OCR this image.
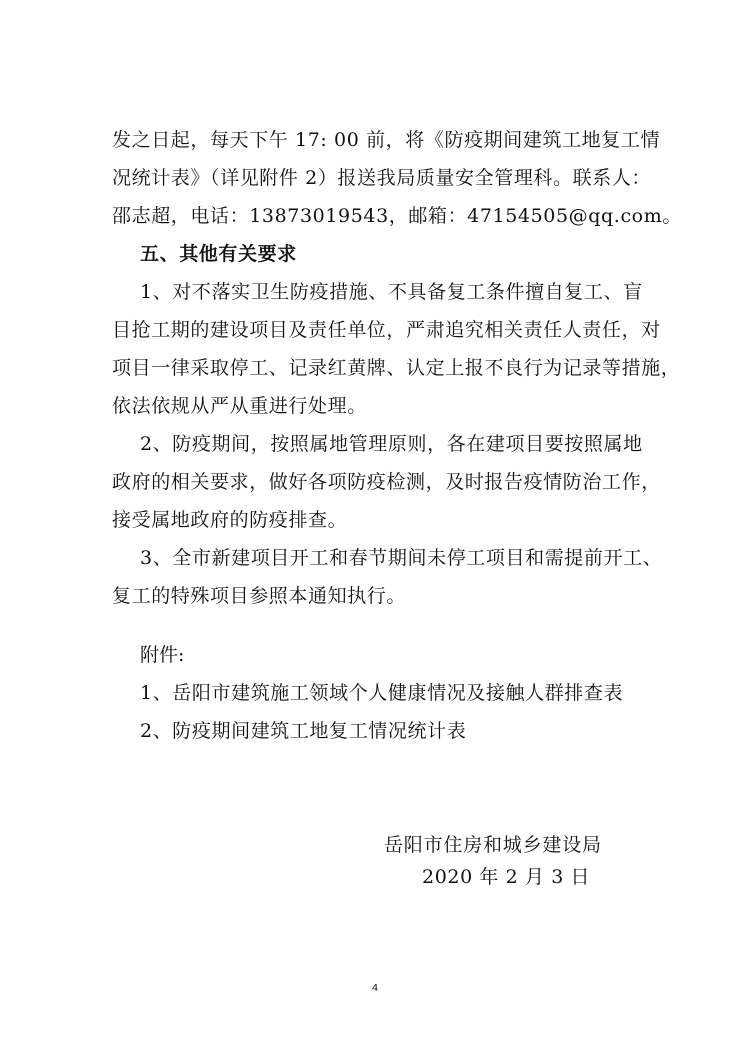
发之日起，每天下午 17: 00 前，将《防疫期间建筑工地复工情
况统计表》（详见附件 2）报送我局质量安全管理科。联系人：
邵志超，电话：13873019543，邮箱：47154505@qq.com。
五、其他有关要求
1、对不落实卫生防疫措施、不具备复工条件擅自复工、盲
目抢工期的建设项目及责任单位，严肃追究相关责任人责任，对
项目一律采取停工、记录红黄牌、认定上报不良行为记录等措施，
依法依规从严从重进行处理。
2、防疫期间，按照属地管理原则，各在建项目要按照属地
政府的相关要求，做好各项防疫检测，及时报告疫情防治工作，
接受属地政府的防疫排查。
3、全市新建项目开工和春节期间未停工项目和需提前开工、
复工的特殊项目参照本通知执行。
附件:
1、岳阳市建筑施工领域个人健康情况及接触人群排查表
2、防疫期间建筑工地复工情况统计表
岳阳市住房和城乡建设局
2020 年 2 月 3 日
4
